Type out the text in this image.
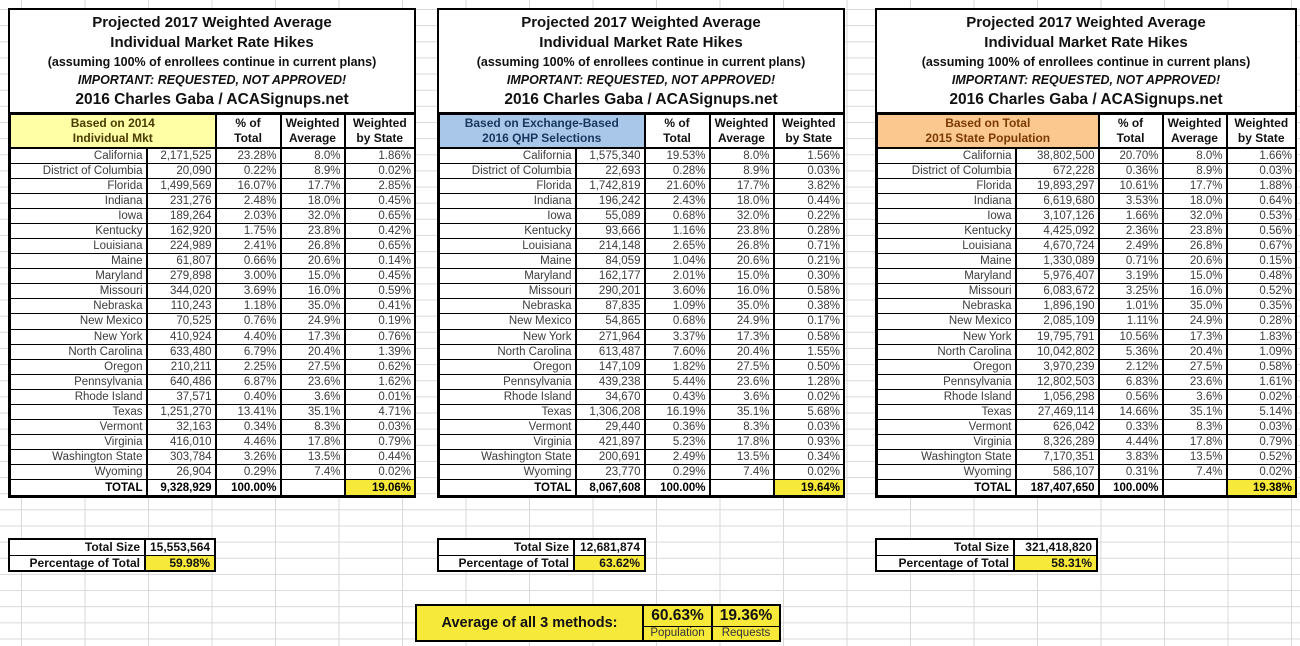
Projected 2017 Weighted Average
Individual Market Rate Hikes
(assuming 100% of enrollees continue in current plans)
IMPORTANT: REQUESTED, NOT APPROVED!
2016 Charles Gaba / ACASignups.net
Based on 2014
Individual Mkt

% of
Total

Weighted
Average

Weighted
by State

California	2,171,525	23.28%	8.0%	1.86%
District of Columbia	20,090	0.22%	8.9%	0.02%
Florida	1,499,569	16.07%	17.7%	2.85%
Indiana	231,276	2.48%	18.0%	0.45%
Iowa	189,264	2.03%	32.0%	0.65%
Kentucky	162,920	1.75%	23.8%	0.42%
Louisiana	224,989	2.41%	26.8%	0.65%
Maine	61,807	0.66%	20.6%	0.14%
Maryland	279,898	3.00%	15.0%	0.45%
Missouri	344,020	3.69%	16.0%	0.59%
Nebraska	110,243	1.18%	35.0%	0.41%
New Mexico	70,525	0.76%	24.9%	0.19%
New York	410,924	4.40%	17.3%	0.76%
North Carolina	633,480	6.79%	20.4%	1.39%
Oregon	210,211	2.25%	27.5%	0.62%
Pennsylvania	640,486	6.87%	23.6%	1.62%
Rhode Island	37,571	0.40%	3.6%	0.01%
Texas	1,251,270	13.41%	35.1%	4.71%
Vermont	32,163	0.34%	8.3%	0.03%
Virginia	416,010	4.46%	17.8%	0.79%
Washington State	303,784	3.26%	13.5%	0.44%
Wyoming	26,904	0.29%	7.4%	0.02%
TOTAL	9,328,929	100.00%		19.06%
Projected 2017 Weighted Average
Individual Market Rate Hikes
(assuming 100% of enrollees continue in current plans)
IMPORTANT: REQUESTED, NOT APPROVED!
2016 Charles Gaba / ACASignups.net
Based on Exchange-Based
2016 QHP Selections

% of
Total

Weighted
Average

Weighted
by State

California	1,575,340	19.53%	8.0%	1.56%
District of Columbia	22,693	0.28%	8.9%	0.03%
Florida	1,742,819	21.60%	17.7%	3.82%
Indiana	196,242	2.43%	18.0%	0.44%
Iowa	55,089	0.68%	32.0%	0.22%
Kentucky	93,666	1.16%	23.8%	0.28%
Louisiana	214,148	2.65%	26.8%	0.71%
Maine	84,059	1.04%	20.6%	0.21%
Maryland	162,177	2.01%	15.0%	0.30%
Missouri	290,201	3.60%	16.0%	0.58%
Nebraska	87,835	1.09%	35.0%	0.38%
New Mexico	54,865	0.68%	24.9%	0.17%
New York	271,964	3.37%	17.3%	0.58%
North Carolina	613,487	7.60%	20.4%	1.55%
Oregon	147,109	1.82%	27.5%	0.50%
Pennsylvania	439,238	5.44%	23.6%	1.28%
Rhode Island	34,670	0.43%	3.6%	0.02%
Texas	1,306,208	16.19%	35.1%	5.68%
Vermont	29,440	0.36%	8.3%	0.03%
Virginia	421,897	5.23%	17.8%	0.93%
Washington State	200,691	2.49%	13.5%	0.34%
Wyoming	23,770	0.29%	7.4%	0.02%
TOTAL	8,067,608	100.00%		19.64%
Projected 2017 Weighted Average
Individual Market Rate Hikes
(assuming 100% of enrollees continue in current plans)
IMPORTANT: REQUESTED, NOT APPROVED!
2016 Charles Gaba / ACASignups.net
Based on Total
2015 State Population

% of
Total

Weighted
Average

Weighted
by State

California	38,802,500	20.70%	8.0%	1.66%
District of Columbia	672,228	0.36%	8.9%	0.03%
Florida	19,893,297	10.61%	17.7%	1.88%
Indiana	6,619,680	3.53%	18.0%	0.64%
Iowa	3,107,126	1.66%	32.0%	0.53%
Kentucky	4,425,092	2.36%	23.8%	0.56%
Louisiana	4,670,724	2.49%	26.8%	0.67%
Maine	1,330,089	0.71%	20.6%	0.15%
Maryland	5,976,407	3.19%	15.0%	0.48%
Missouri	6,083,672	3.25%	16.0%	0.52%
Nebraska	1,896,190	1.01%	35.0%	0.35%
New Mexico	2,085,109	1.11%	24.9%	0.28%
New York	19,795,791	10.56%	17.3%	1.83%
North Carolina	10,042,802	5.36%	20.4%	1.09%
Oregon	3,970,239	2.12%	27.5%	0.58%
Pennsylvania	12,802,503	6.83%	23.6%	1.61%
Rhode Island	1,056,298	0.56%	3.6%	0.02%
Texas	27,469,114	14.66%	35.1%	5.14%
Vermont	626,042	0.33%	8.3%	0.03%
Virginia	8,326,289	4.44%	17.8%	0.79%
Washington State	7,170,351	3.83%	13.5%	0.52%
Wyoming	586,107	0.31%	7.4%	0.02%
TOTAL	187,407,650	100.00%		19.38%
Total Size	15,553,564
Percentage of Total	59.98%
Total Size	12,681,874
Percentage of Total	63.62%
Total Size	321,418,820
Percentage of Total	58.31%
Average of all 3 methods:	60.63%	19.36%
	Population	Requests
